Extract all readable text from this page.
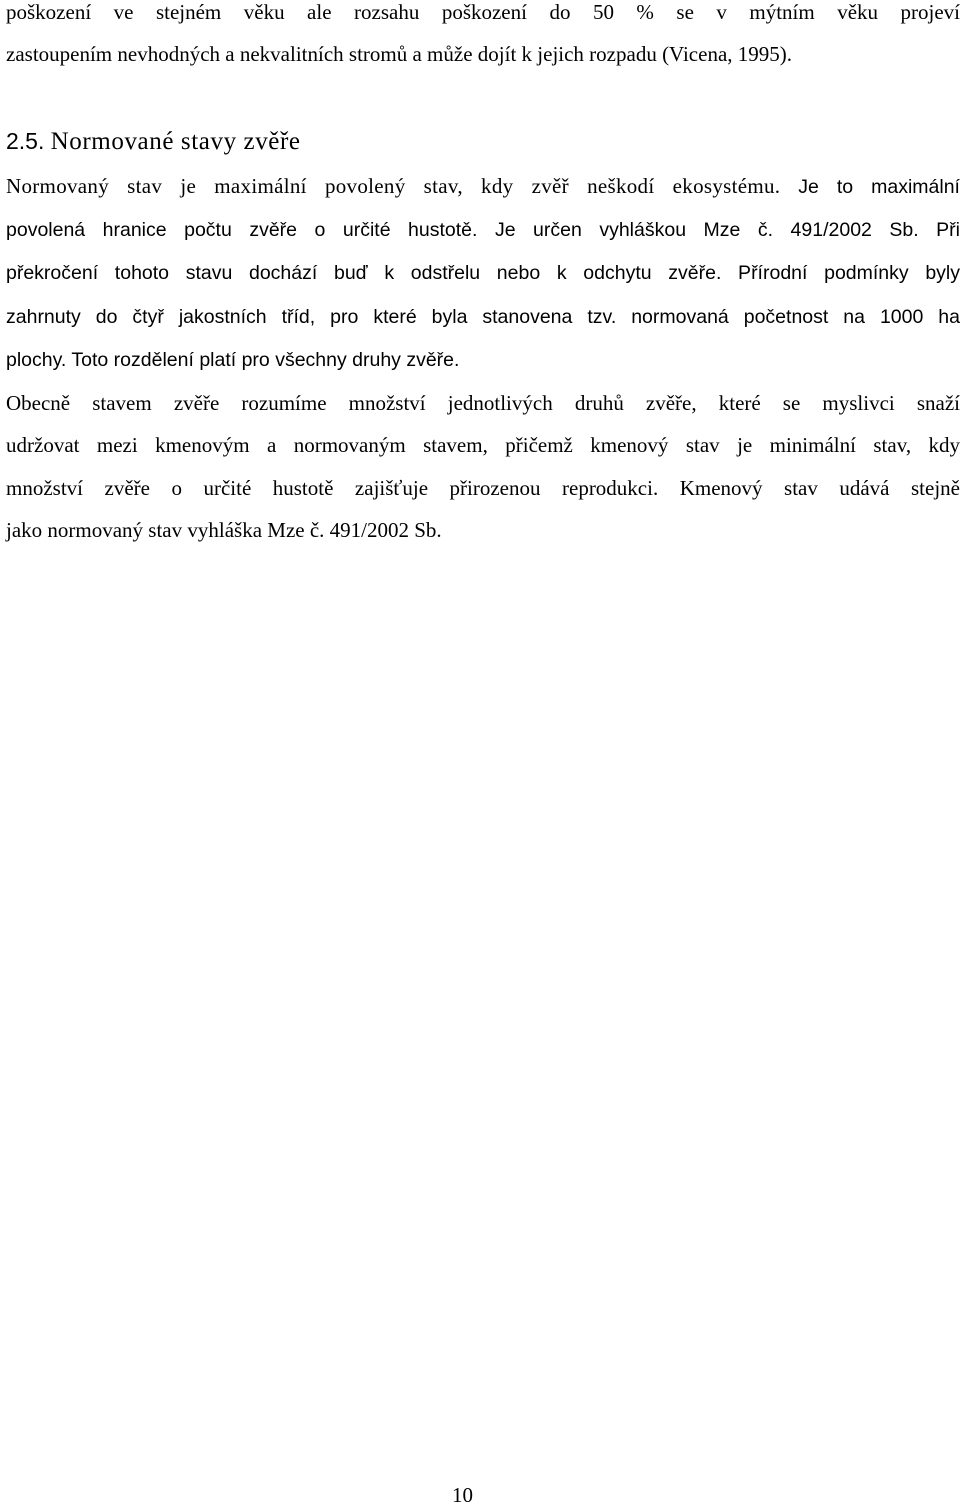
poškození ve stejném věku ale rozsahu poškození do 50 % se v mýtním věku projeví
zastoupením nevhodných a nekvalitních stromů a může dojít k jejich rozpadu (Vicena, 1995).
2.5. Normované stavy zvěře
Normovaný stav je maximální povolený stav, kdy zvěř neškodí ekosystému. Je to maximální
povolená hranice počtu zvěře o určité hustotě. Je určen vyhláškou Mze č. 491/2002 Sb. Při
překročení tohoto stavu dochází buď k odstřelu nebo k odchytu zvěře. Přírodní podmínky byly
zahrnuty do čtyř jakostních tříd, pro které byla stanovena tzv. normovaná početnost na 1000 ha
plochy. Toto rozdělení platí pro všechny druhy zvěře.
Obecně stavem zvěře rozumíme množství jednotlivých druhů zvěře, které se myslivci snaží
udržovat mezi kmenovým a normovaným stavem, přičemž kmenový stav je minimální stav, kdy
množství zvěře o určité hustotě zajišťuje přirozenou reprodukci. Kmenový stav udává stejně
jako normovaný stav vyhláška Mze č. 491/2002 Sb.
10
